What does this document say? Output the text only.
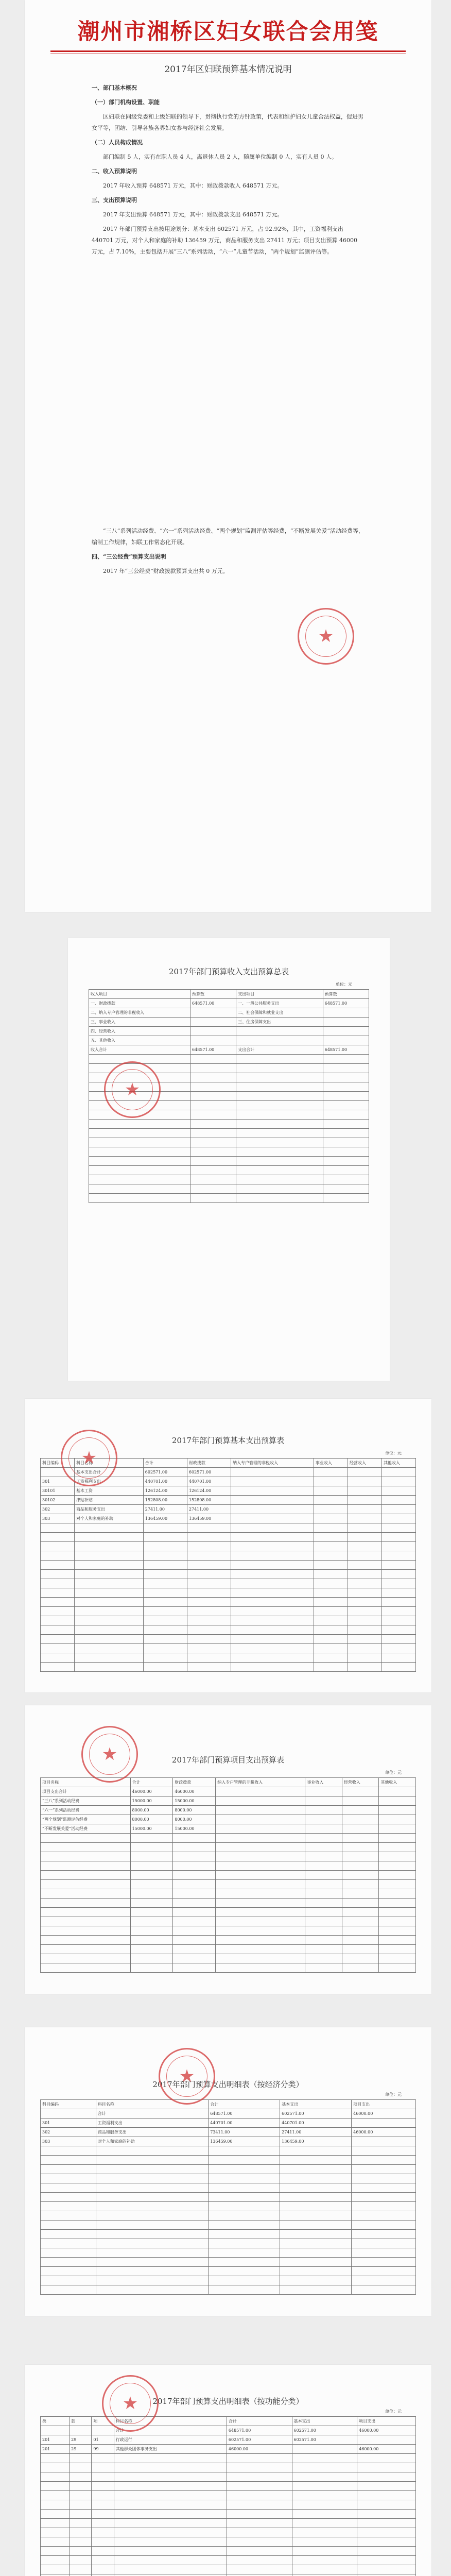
潮州市湘桥区妇女联合会用笺
2017年区妇联预算基本情况说明

一、部门基本概况

（一）部门机构设置、职能

区妇联在同级党委和上级妇联的领导下，贯彻执行党的方针政策，代表和维护妇女儿童合法权益，促进男女平等，团结、引导各族各界妇女参与经济社会发展。

（二）人员构成情况

部门编制 5 人，实有在职人员 4 人，离退休人员 2 人，随属单位编制 0 人，实有人员 0 人。

二、收入预算说明

2017 年收入预算 648571 万元，其中：财政拨款收入 648571 万元。

三、支出预算说明

2017 年支出预算 648571 万元，其中：财政拨款支出 648571 万元。

2017 年部门预算支出按用途划分：基本支出 602571 万元，占 92.92%，其中，工资福利支出 440701 万元，对个人和家庭的补助 136459 万元，商品和服务支出 27411 万元；项目支出预算 46000 万元，占 7.10%，主要包括开展“三八”系列活动，“六一”儿童节活动，“两个规划”监测评估等。

“三八”系列活动经费、“六一”系列活动经费、“两个规划”监测评估等经费，“不断发展关爱”活动经费等，编制工作规律，妇联工作常态化开展。

四、“三公经费”预算支出说明

2017 年“三公经费”财政拨款预算支出共 0 万元。

★
2017年部门预算收入支出预算总表
单位：元
收入项目	预算数	支出项目	预算数
一、财政拨款	648571.00	一、一般公共服务支出	648571.00
二、纳入专户管理的非税收入		二、社会保障和就业支出	
三、事业收入		三、住房保障支出	
四、经营收入			
五、其他收入			
收入合计	648571.00	支出合计	648571.00

★
2017年部门预算基本支出预算表
单位：元
科目编码	科目名称	合计	财政拨款	纳入专户管理的非税收入	事业收入	经营收入	其他收入
	基本支出合计	602571.00	602571.00				
301	工资福利支出	440701.00	440701.00				
30101	基本工资	126124.00	126124.00				
30102	津贴补贴	152808.00	152808.00				
302	商品和服务支出	27411.00	27411.00				
303	对个人和家庭的补助	136459.00	136459.00				

★
2017年部门预算项目支出预算表
单位：元
项目名称	合计	财政拨款	纳入专户管理的非税收入	事业收入	经营收入	其他收入
项目支出合计	46000.00	46000.00				
“三八”系列活动经费	15000.00	15000.00				
“六一”系列活动经费	8000.00	8000.00				
“两个规划”监测评估经费	8000.00	8000.00				
“不断发展关爱”活动经费	15000.00	15000.00				

★
2017年部门预算支出明细表（按经济分类）
单位：元
科目编码	科目名称	合计	基本支出	项目支出
	合计	648571.00	602571.00	46000.00
301	工资福利支出	440701.00	440701.00	
302	商品和服务支出	73411.00	27411.00	46000.00
303	对个人和家庭的补助	136459.00	136459.00	

★
2017年部门预算支出明细表（按功能分类）
单位：元
类	款	项	科目名称	合计	基本支出	项目支出
			合计	648571.00	602571.00	46000.00
201	29	01	行政运行	602571.00	602571.00	
201	29	99	其他群众团体事务支出	46000.00		46000.00

★
